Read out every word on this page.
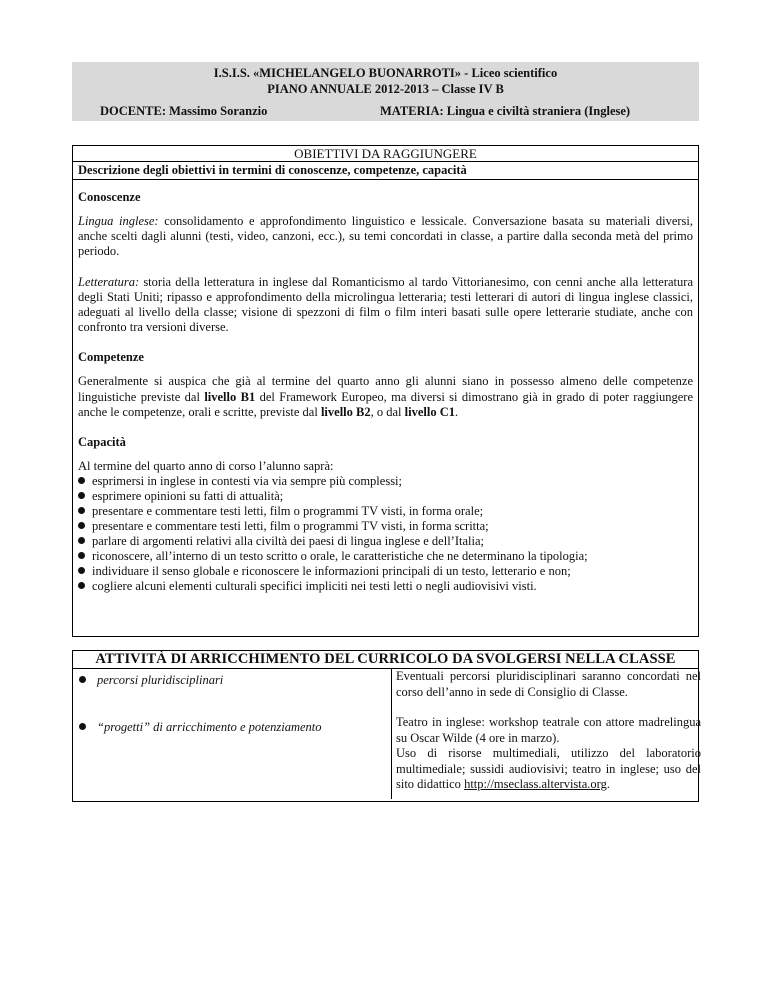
I.S.I.S. «MICHELANGELO BUONARROTI» - Liceo scientifico
PIANO ANNUALE 2012-2013 – Classe IV B
DOCENTE: Massimo Soranzio	MATERIA: Lingua e civiltà straniera (Inglese)
OBIETTIVI DA RAGGIUNGERE
Descrizione degli obiettivi in termini di conoscenze, competenze, capacità
Conoscenze

Lingua inglese: consolidamento e approfondimento linguistico e lessicale. Conversazione basata su materiali diversi, anche scelti dagli alunni (testi, video, canzoni, ecc.), su temi concordati in classe, a partire dalla seconda metà del primo periodo.

Letteratura: storia della letteratura in inglese dal Romanticismo al tardo Vittorianesimo, con cenni anche alla letteratura degli Stati Uniti; ripasso e approfondimento della microlingua letteraria; testi letterari di autori di lingua inglese classici, adeguati al livello della classe; visione di spezzoni di film o film interi basati sulle opere letterarie studiate, anche con confronto tra versioni diverse.

Competenze

Generalmente si auspica che già al termine del quarto anno gli alunni siano in possesso almeno delle competenze linguistiche previste dal livello B1 del Framework Europeo, ma diversi si dimostrano già in grado di poter raggiungere anche le competenze, orali e scritte, previste dal livello B2, o dal livello C1.

Capacità
Al termine del quarto anno di corso l’alunno saprà:
esprimersi in inglese in contesti via via sempre più complessi;
esprimere opinioni su fatti di attualità;
presentare e commentare testi letti, film o programmi TV visti, in forma orale;
presentare e commentare testi letti, film o programmi TV visti, in forma scritta;
parlare di argomenti relativi alla civiltà dei paesi di lingua inglese e dell’Italia;
riconoscere, all’interno di un testo scritto o orale, le caratteristiche che ne determinano la tipologia;
individuare il senso globale e riconoscere le informazioni principali di un testo, letterario e non;
cogliere alcuni elementi culturali specifici impliciti nei testi letti o negli audiovisivi visti.
ATTIVITÀ DI ARRICCHIMENTO DEL CURRICOLO DA SVOLGERSI NELLA CLASSE
percorsi pluridisciplinari	Eventuali percorsi pluridisciplinari saranno concordati nel corso dell’anno in sede di Consiglio di Classe.
“progetti” di arricchimento e potenziamento	Teatro in inglese: workshop teatrale con attore madrelingua su Oscar Wilde (4 ore in marzo).
Uso di risorse multimediali, utilizzo del laboratorio multimediale; sussidi audiovisivi; teatro in inglese; uso del sito didattico http://mseclass.altervista.org.
